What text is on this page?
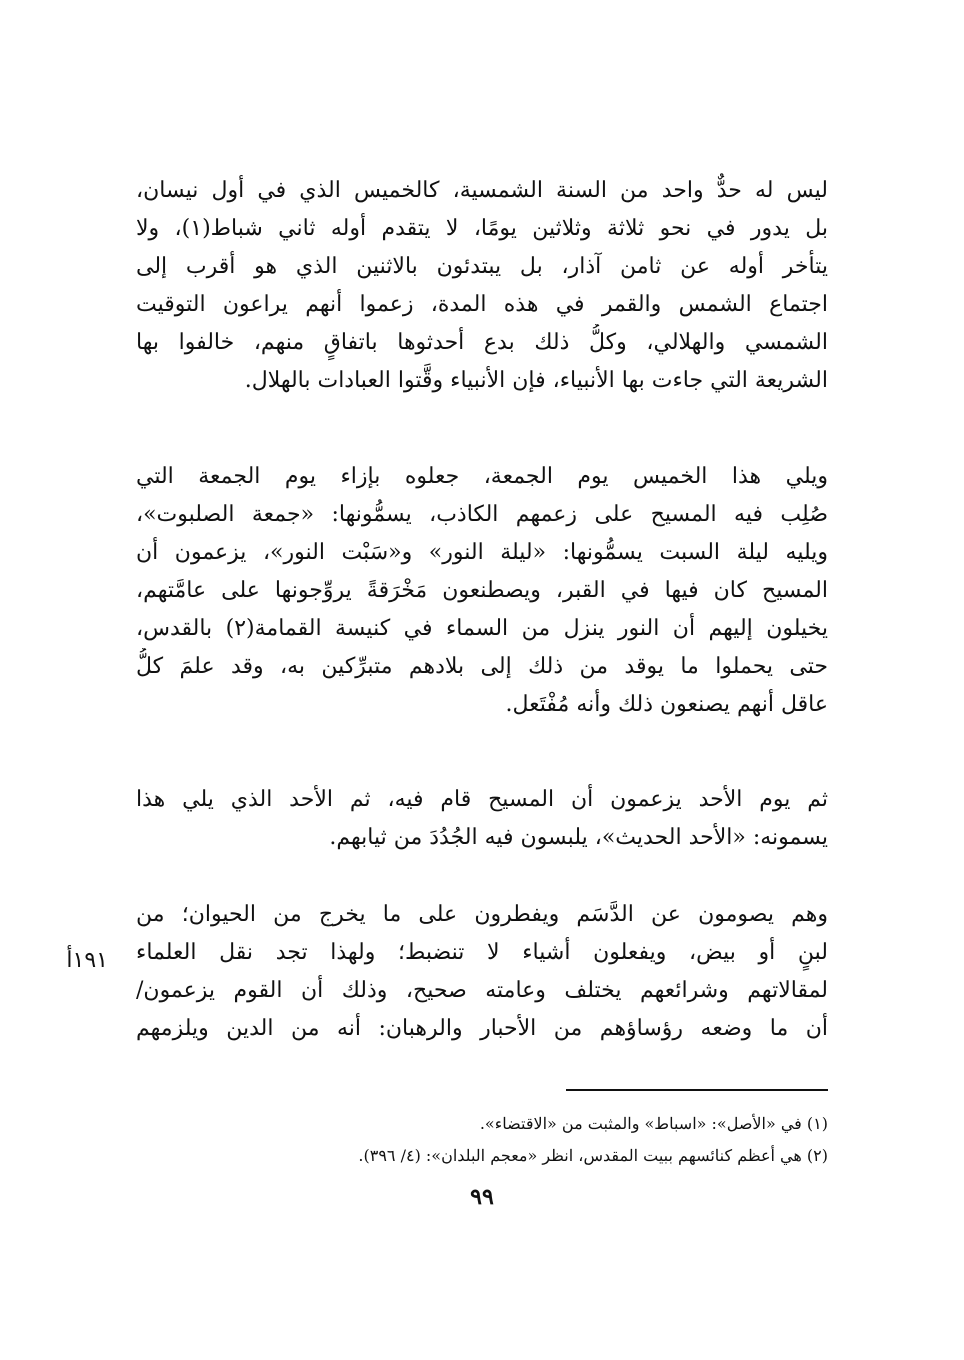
ليس له حدٌّ واحد من السنة الشمسية، كالخميس الذي في أول نيسان،
بل يدور في نحو ثلاثة وثلاثين يومًا، لا يتقدم أوله ثاني شباط(١)، ولا
يتأخر أوله عن ثامن آذار، بل يبتدئون بالاثنين الذي هو أقرب إلى
اجتماع الشمس والقمر في هذه المدة، زعموا أنهم يراعون التوقيت
الشمسي والهلالي، وكلُّ ذلك بدع أحدثوها باتفاقٍ منهم، خالفوا بها
الشريعة التي جاءت بها الأنبياء، فإن الأنبياء وقَّتوا العبادات بالهلال.
ويلي هذا الخميس يوم الجمعة، جعلوه بإزاء يوم الجمعة التي
صُلِب فيه المسيح على زعمهم الكاذب، يسمُّونها: «جمعة الصلبوت»،
ويليه ليلة السبت يسمُّونها: «ليلة النور» و«سَبْت النور»، يزعمون أن
المسيح كان فيها في القبر، ويصطنعون مَخْرَقةً يروِّجونها على عامَّتهم،
يخيلون إليهم أن النور ينزل من السماء في كنيسة القمامة(٢) بالقدس،
حتى يحملوا ما يوقد من ذلك إلى بلادهم متبرِّكين به، وقد علمَ كلُّ
عاقل أنهم يصنعون ذلك وأنه مُفْتَعل.
ثم يوم الأحد يزعمون أن المسيح قام فيه، ثم الأحد الذي يلي هذا
يسمونه: «الأحد الحديث»، يلبسون فيه الجُدُدَ من ثيابهم.
وهم يصومون عن الدَّسَم ويفطرون على ما يخرج من الحيوان؛ من
لبنٍ أو بيض، ويفعلون أشياء لا تنضبط؛ ولهذا تجد نقل العلماء
لمقالاتهم وشرائعهم يختلف وعامته صحيح، وذلك أن القوم يزعمون/
أن ما وضعه رؤساؤهم من الأحبار والرهبان: أنه من الدين ويلزمهم
١٩١أ
(١) في «الأصل»: «اسباط» والمثبت من «الاقتضاء».
(٢) هي أعظم كنائسهم ببيت المقدس، انظر «معجم البلدان»: (٤/ ٣٩٦).
٩٩
